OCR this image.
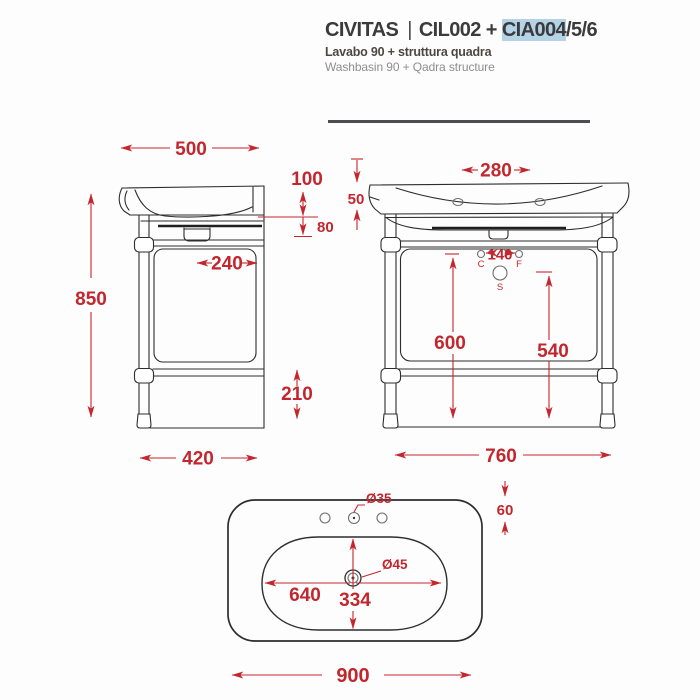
CIVITAS | CIL002 + CIA004/5/6
Lavabo 90 + struttura quadra
Washbasin 90 + Qadra structure
500
850
100
80
240
210
420
C	F
S
280
50
140
600	540
760
Ø35
60
Ø45
640 334
900
